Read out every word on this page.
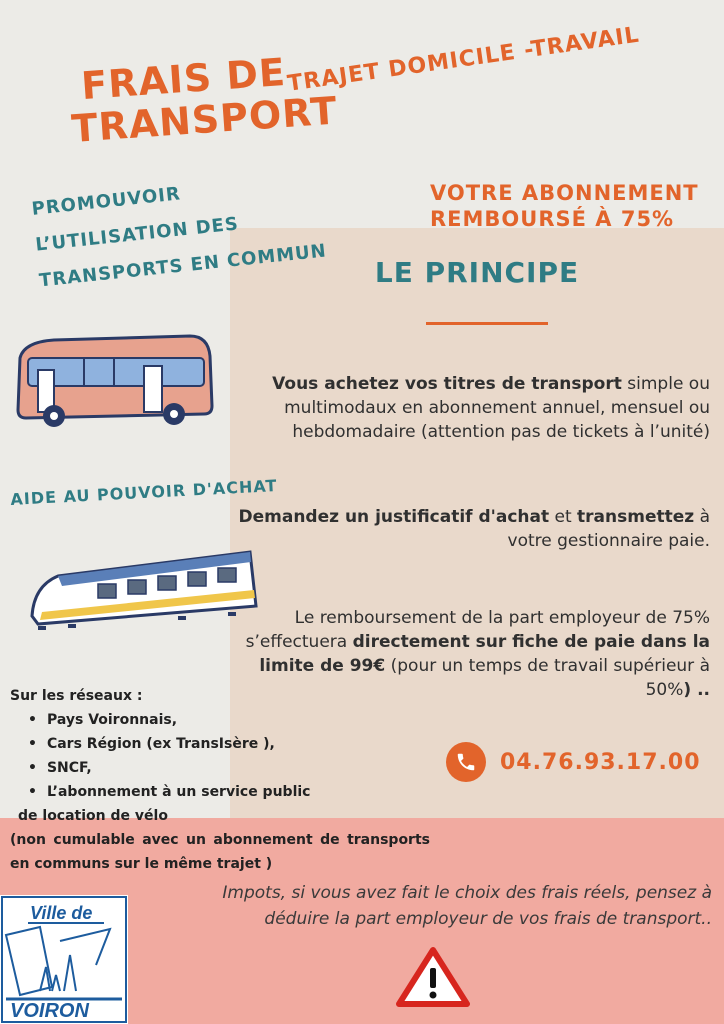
FRAIS DE TRANSPORT
TRAJET DOMICILE -TRAVAIL
PROMOUVOIR L’UTILISATION DES TRANSPORTS EN COMMUN
VOTRE ABONNEMENT REMBOURSÉ À 75%
LE PRINCIPE
Vous achetez vos titres de transport simple ou multimodaux en abonnement annuel, mensuel ou hebdomadaire (attention pas de tickets à l’unité)
Demandez un justificatif d'achat et transmettez à votre gestionnaire paie.
Le remboursement de la part employeur de 75% s’effectuera directement sur fiche de paie dans la limite de 99€ (pour un temps de travail supérieur à 50%) ..
04.76.93.17.00
AIDE AU POUVOIR D'ACHAT
Sur les réseaux :
• Pays Voironnais,
• Cars Région (ex TransIsère ),
• SNCF,
• L’abonnement à un service public
de location de vélo
(non cumulable avec un abonnement de transports en communs sur le même trajet )
Impots, si vous avez fait le choix des frais réels, pensez à déduire la part employeur de vos frais de transport..
Ville de
VOIRON
